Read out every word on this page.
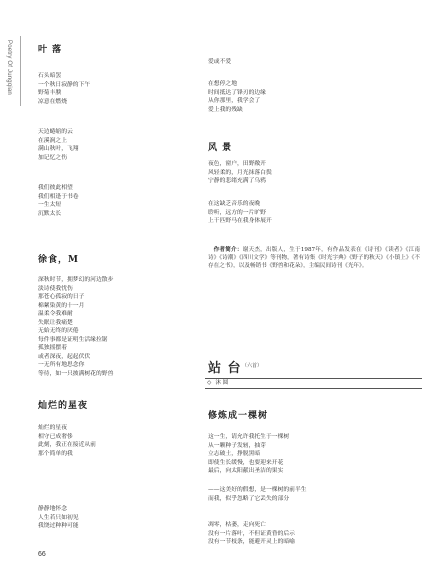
Poetry Of Jungqian	叶 落
石头暗罢
一个秋日寂静的下午
野菊丰腴
凉意在燃烧
天边蜷缩的云
在溪涧之上
满山秋叶，飞翔
加记忆之伤
我们彼此相望
我们相逢于书卷
一生太短
沉默太长
徐食，M
深秋时节，拥梦幻的河边散步
淡诗使我忧伤
那苍心孤寂的日子
棉絮染黄的十一月
温柔令我难耐
失眠让我痛楚
无始无终的厌倦
每件事都是证明生活缘拉锯
孤独摇摆着
或者深夜，起起伏伏
一无所有地思念你
等待，如一只披满树花的野兽
灿烂的星夜
灿烂的星夜
相守已成奢侈
此刻，我正在接近从前
那个简单的我
静静地怀念
人生若只如初见
我饶过种种可能
爱或不爱
在想停之地
时间抵达了锋刃的边缘
从你那里，我学会了
爱上我的残缺
风 景
夜色，窗户，田野敞开
风轻柔的，月光抹落白鬓
宁静的悲绪充满了乌鸦
在这缺乏音乐的夜晚
聆听，远方的一片旷野
上干匹野马在我身体展开
作者简介：谢天杰，出版人，生于1987年，有作品发表在《诗刊》《读者》《江南诗》《诗潮》《四川文学》等刊物，著有诗集《时光字典》《野子的秋天》《小镇上》《不存在之书》，以及畅销书《野兽和花朵》，主编民间诗刊《光年》。
站 台 （六首）
◇ 沐 圆
修炼成一棵树
这一生，请允许我托生于一棵树
从一颗种子发轫，抽芽
立志破土，挣脱黑暗
即使生长缓慢，也要迎来开花
最后，向太阳献出圣洁的果实
——这美好的假想，是一棵树的前半生
而我，似乎忽略了它丢失的部分
凋零，枯萎，走向死亡
没有一片落叶，不但证黄昏的后示
没有一节枝条，能避开灵上的暗喻
66
